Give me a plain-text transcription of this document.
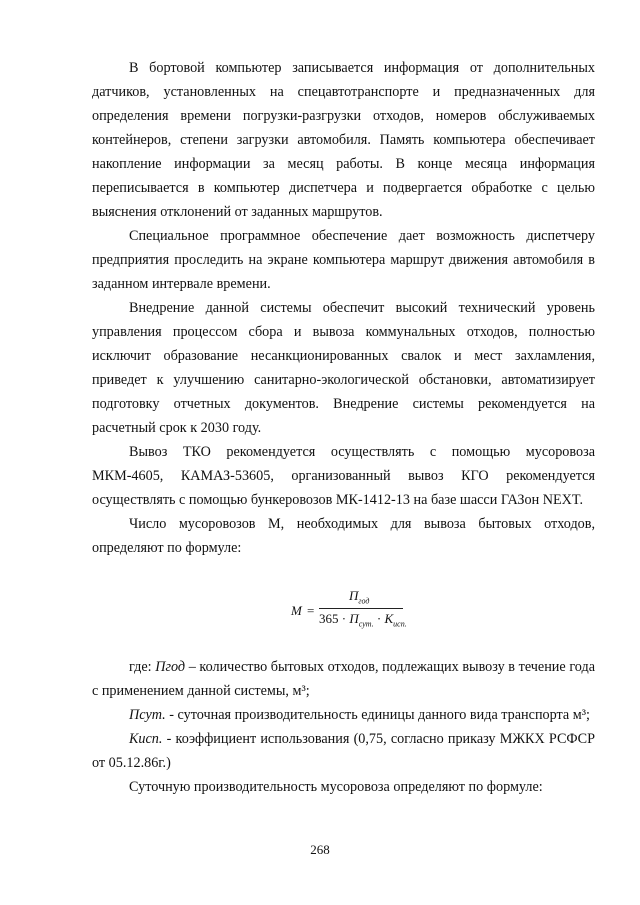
В бортовой компьютер записывается информация от дополнительных датчиков, установленных на спецавтотранспорте и предназначенных для определения времени погрузки-разгрузки отходов, номеров обслуживаемых контейнеров, степени загрузки автомобиля. Память компьютера обеспечивает накопление информации за месяц работы. В конце месяца информация переписывается в компьютер диспетчера и подвергается обработке с целью выяснения отклонений от заданных маршрутов.

Специальное программное обеспечение дает возможность диспетчеру предприятия проследить на экране компьютера маршрут движения автомобиля в заданном интервале времени.

Внедрение данной системы обеспечит высокий технический уровень управления процессом сбора и вывоза коммунальных отходов, полностью исключит образование несанкционированных свалок и мест захламления, приведет к улучшению санитарно-экологической обстановки, автоматизирует подготовку отчетных документов. Внедрение системы рекомендуется на расчетный срок к 2030 году.

Вывоз ТКО рекомендуется осуществлять с помощью мусоровоза МКМ-4605, КАМАЗ-53605, организованный вывоз КГО рекомендуется осуществлять с помощью бункеровозов МК-1412-13 на базе шасси ГАЗон NEXT.

Число мусоровозов М, необходимых для вывоза бытовых отходов, определяют по формуле:

M =
$П_{год}$
$365 \cdot П_{сут.} \cdot К_{исп.}$

где: Пгод – количество бытовых отходов, подлежащих вывозу в течение года с применением данной системы, м³;

Псут. - суточная производительность единицы данного вида транспорта м³;

Кисп. - коэффициент использования (0,75, согласно приказу МЖКХ РСФСР от 05.12.86г.)

Суточную производительность мусоровоза определяют по формуле:

268
